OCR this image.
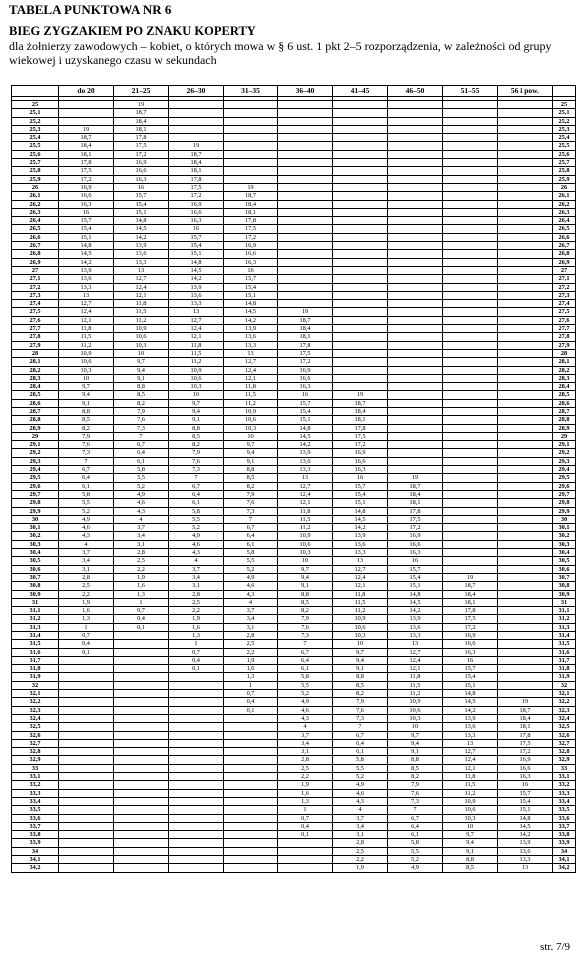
TABELA PUNKTOWA NR 6
BIEG ZYGZAKIEM PO ZNAKU KOPERTY
dla żołnierzy zawodowych – kobiet, o których mowa w § 6 ust. 1 pkt 2–5 rozporządzenia, w zależności od grupy wiekowej i uzyskanego czasu w sekundach
	do 20	21–25	26–30	31–35	36–40	41–45	46–50	51–55	56 i pow.	

25		19								25
25,1		18,7								25,1
25,2		18,4								25,2
25,3	19	18,1								25,3
25,4	18,7	17,8								25,4
25,5	18,4	17,5	19							25,5
25,6	18,1	17,2	18,7							25,6
25,7	17,8	16,9	18,4							25,7
25,8	17,5	16,6	18,1							25,8
25,9	17,2	16,3	17,8							25,9
26	16,9	16	17,5	19						26
26,1	16,6	15,7	17,2	18,7						26,1
26,2	16,3	15,4	16,9	18,4						26,2
26,3	16	15,1	16,6	18,1						26,3
26,4	15,7	14,8	16,3	17,8						26,4
26,5	15,4	14,5	16	17,5						26,5
26,6	15,1	14,2	15,7	17,2						26,6
26,7	14,8	13,9	15,4	16,9						26,7
26,8	14,5	13,6	15,1	16,6						26,8
26,9	14,2	13,3	14,8	16,3						26,9
27	13,9	13	14,5	16						27
27,1	13,6	12,7	14,2	15,7						27,1
27,2	13,3	12,4	13,9	15,4						27,2
27,3	13	12,1	13,6	15,1						27,3
27,4	12,7	11,8	13,3	14,8						27,4
27,5	12,4	11,5	13	14,5	19					27,5
27,6	12,1	11,2	12,7	14,2	18,7					27,6
27,7	11,8	10,9	12,4	13,9	18,4					27,7
27,8	11,5	10,6	12,1	13,6	18,1					27,8
27,9	11,2	10,3	11,8	13,3	17,8					27,9
28	10,9	10	11,5	13	17,5					28
28,1	10,6	9,7	11,2	12,7	17,2					28,1
28,2	10,3	9,4	10,9	12,4	16,9					28,2
28,3	10	9,1	10,6	12,1	16,6					28,3
28,4	9,7	8,8	10,3	11,8	16,3					28,4
28,5	9,4	8,5	10	11,5	16	19				28,5
28,6	9,1	8,2	9,7	11,2	15,7	18,7				28,6
28,7	8,8	7,9	9,4	10,9	15,4	18,4				28,7
28,8	8,5	7,6	9,1	10,6	15,1	18,1				28,8
28,9	8,2	7,3	8,8	10,3	14,8	17,8				28,9
29	7,9	7	8,5	10	14,5	17,5				29
29,1	7,6	6,7	8,2	9,7	14,2	17,2				29,1
29,2	7,3	6,4	7,9	9,4	13,9	16,9				29,2
29,3	7	6,1	7,6	9,1	13,6	16,6				29,3
29,4	6,7	5,8	7,3	8,8	13,3	16,3				29,4
29,5	6,4	5,5	7	8,5	13	16	19			29,5
29,6	6,1	5,2	6,7	8,2	12,7	15,7	18,7			29,6
29,7	5,8	4,9	6,4	7,9	12,4	15,4	18,4			29,7
29,8	5,5	4,6	6,1	7,6	12,1	15,1	18,1			29,8
29,9	5,2	4,3	5,8	7,3	11,8	14,8	17,8			29,9
30	4,9	4	5,5	7	11,5	14,5	17,5			30
30,1	4,6	3,7	5,2	6,7	11,2	14,2	17,2			30,1
30,2	4,3	3,4	4,9	6,4	10,9	13,9	16,9			30,2
30,3	4	3,1	4,6	6,1	10,6	13,6	16,6			30,3
30,4	3,7	2,8	4,3	5,8	10,3	13,3	16,3			30,4
30,5	3,4	2,5	4	5,5	10	13	16			30,5
30,6	3,1	2,2	3,7	5,2	9,7	12,7	15,7			30,6
30,7	2,8	1,9	3,4	4,9	9,4	12,4	15,4	19		30,7
30,8	2,5	1,6	3,1	4,6	9,1	12,1	15,1	18,7		30,8
30,9	2,2	1,3	2,8	4,3	8,8	11,8	14,8	18,4		30,9
31	1,9	1	2,5	4	8,5	11,5	14,5	18,1		31
31,1	1,6	0,7	2,2	3,7	8,2	11,2	14,2	17,8		31,1
31,2	1,3	0,4	1,9	3,4	7,9	10,9	13,9	17,5		31,2
31,3	1	0,1	1,6	3,1	7,6	10,6	13,6	17,2		31,3
31,4	0,7		1,3	2,8	7,3	10,3	13,3	16,9		31,4
31,5	0,4		1	2,5	7	10	13	16,6		31,5
31,6	0,1		0,7	2,2	6,7	9,7	12,7	16,3		31,6
31,7			0,4	1,9	6,4	9,4	12,4	16		31,7
31,8			0,1	1,6	6,1	9,1	12,1	15,7		31,8
31,9				1,3	5,8	8,8	11,8	15,4		31,9
32				1	5,5	8,5	11,5	15,1		32
32,1				0,7	5,2	8,2	11,2	14,8		32,1
32,2				0,4	4,9	7,9	10,9	14,5	19	32,2
32,3				0,1	4,6	7,6	10,6	14,2	18,7	32,3
32,4					4,3	7,3	10,3	13,9	18,4	32,4
32,5					4	7	10	13,6	18,1	32,5
32,6					3,7	6,7	9,7	13,3	17,8	32,6
32,7					3,4	6,4	9,4	13	17,5	32,7
32,8					3,1	6,1	9,1	12,7	17,2	32,8
32,9					2,8	5,8	8,8	12,4	16,9	32,9
33					2,5	5,5	8,5	12,1	16,6	33
33,1					2,2	5,2	8,2	11,8	16,3	33,1
33,2					1,9	4,9	7,9	11,5	16	33,2
33,3					1,6	4,6	7,6	11,2	15,7	33,3
33,4					1,3	4,3	7,3	10,9	15,4	33,4
33,5					1	4	7	10,6	15,1	33,5
33,6					0,7	3,7	6,7	10,3	14,8	33,6
33,7					0,4	3,4	6,4	10	14,5	33,7
33,8					0,1	3,1	6,1	9,7	14,2	33,8
33,9						2,8	5,8	9,4	13,9	33,9
34						2,5	5,5	9,1	13,6	34
34,1						2,2	5,2	8,8	13,3	34,1
34,2						1,9	4,9	8,5	13	34,2
str. 7/9
